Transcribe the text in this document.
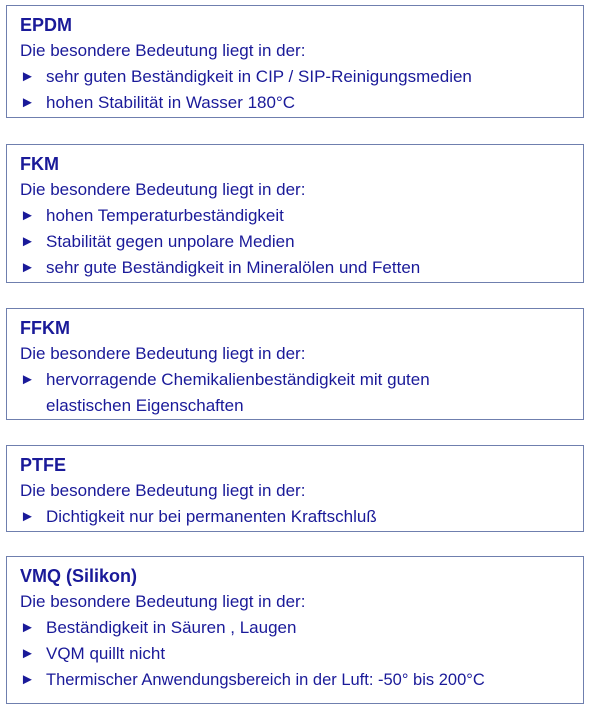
EPDM

Die besondere Bedeutung liegt in der:

► sehr guten Beständigkeit in CIP / SIP-Reinigungsmedien
► hohen Stabilität in Wasser 180°C

FKM

Die besondere Bedeutung liegt in der:

► hohen Temperaturbeständigkeit
► Stabilität gegen unpolare Medien
► sehr gute Beständigkeit in Mineralölen und Fetten

FFKM

Die besondere Bedeutung liegt in der:

► hervorragende Chemikalienbeständigkeit mit guten elastischen Eigenschaften

PTFE

Die besondere Bedeutung liegt in der:

► Dichtigkeit nur bei permanenten Kraftschluß

VMQ (Silikon)

Die besondere Bedeutung liegt in der:

► Beständigkeit in Säuren , Laugen
► VQM quillt nicht
► Thermischer Anwendungsbereich in der Luft: -50° bis 200°C
